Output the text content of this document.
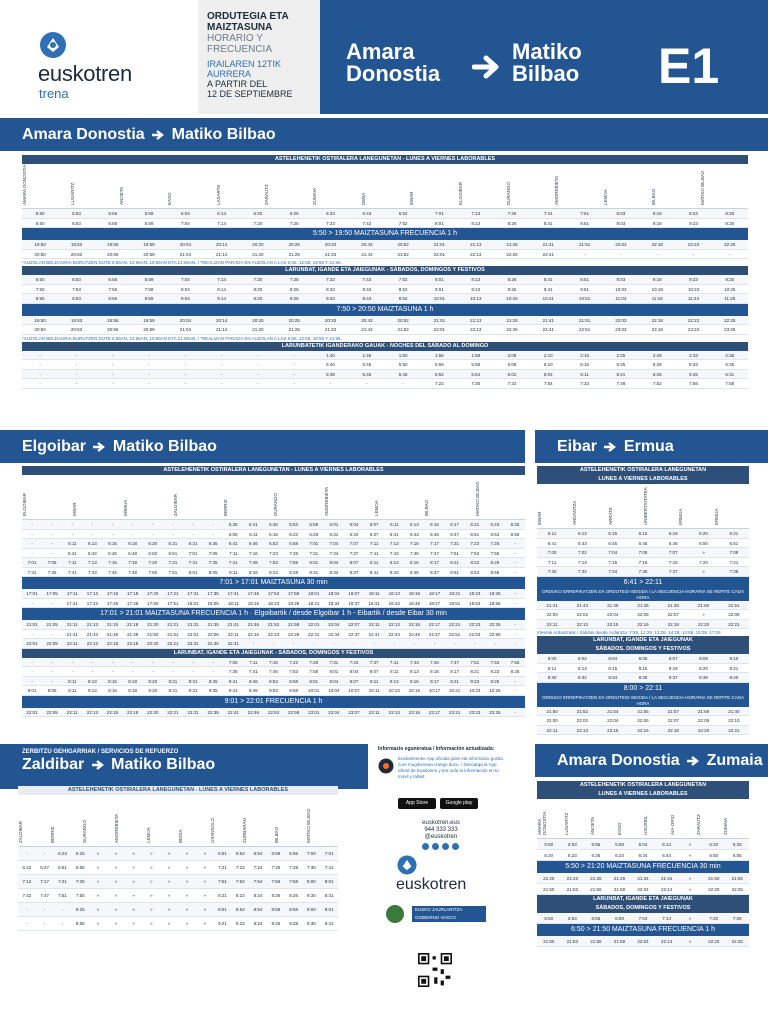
euskotren
trena
ORDUTEGIA ETA
MAIZTASUNA
HORARIO Y
FRECUENCIA
IRAILAREN 12TIK
AURRERA
A PARTIR DEL
12 DE SEPTIEMBRE
Amara
Donostia
Matiko
Bilbao E1
Amara Donostia Matiko Bilbao
ASTELEHENETIK OSTIRALERA LANEGUNETAN - LUNES A VIERNES LABORABLES
AMARA DONOSTIA	LUGARITZ	ANOETA	EASO	LASARTE	ZARAUTZ	ZUMAIA	DEBA	EIBAR	ELGOIBAR	DURANGO	AMOREBIETA	LEMOA	BILBAO	MATIKO BILBAO
5:50	5:53	5:56	5:59	6:04	6:14	6:20	6:25	6:33	6:43	6:52	7:01	7:13	7:26	7:41	7:51	8:03	8:18	8:23	8:25
6:50	6:53	6:56	6:59	7:04	7:14	7:20	7:25	7:33	7:43	7:52	8:01	8:13	8:26	8:41	8:51	9:03	9:18	9:23	9:25
5:50 > 19:50 MAIZTASUNA FRECUENCIA 1 h
19:50	19:53	19:56	19:59	20:04	20:14	20:20	20:25	20:33	20:43	20:52	21:01	21:13	21:26	21:41	21:51	22:03	22:18	22:23	22:25
20:50	20:53	20:56	20:59	21:04	21:14	21:20	21:25	21:33	21:43	21:52	22:01	22:13	22:26	22:41	-	-	-	-	-
*AUZOLAN BELDAURIA BURUTZEN DUTE 6:56AN, 12:56AN, 19:56AN ETA 21:56AN. / *REALIZAN PARADA EN AUZOLAN A LAS 6:56, 12:56, 19:56 Y 21:56.
LARUNBAT, IGANDE ETA JAIEGUNAK - SÁBADOS, DOMINGOS Y FESTIVOS
6:50	6:53	6:56	6:59	7:04	7:14	7:20	7:25	7:33	7:43	7:52	8:01	8:13	8:26	8:41	8:51	9:03	9:18	9:23	9:25
7:50	7:53	7:56	7:59	8:04	8:14	8:20	8:25	8:33	8:43	8:52	9:01	9:13	9:26	9:41	9:51	10:03	10:18	10:23	10:25
8:50	8:53	8:56	8:59	9:04	9:14	9:20	9:25	9:33	9:43	9:52	10:01	10:13	10:26	10:41	10:51	11:03	11:18	11:23	11:25
7:50 > 20:50 MAIZTASUNA 1 h
19:50	19:53	19:56	19:59	20:04	20:14	20:20	20:25	20:33	20:43	20:52	21:01	21:13	21:26	21:41	21:51	22:03	22:18	22:23	22:25
20:50	20:53	20:56	20:59	21:04	21:14	21:20	21:25	21:33	21:43	21:52	22:01	22:13	22:26	22:41	22:51	23:03	23:18	23:23	23:25
*AUZOLAN BELDAURIA BURUTZEN DUTE 6:56AN, 12:56AN, 19:56AN ETA 21:56AN. / *REALIZAN PARADA EN AUZOLAN A LAS 6:56, 12:56, 19:56 Y 21:56.
LARUNBATETIK IGANDERAKO GAUAK - NOCHES DEL SÁBADO AL DOMINGO
-	-	-	-	-	-	-	-	1:40	1:45	1:50	1:56	1:58	2:08	2:10	2:15	2:25	2:29	2:33	2:35
-	-	-	-	-	-	-	-	5:40	5:45	5:50	5:56	5:58	6:08	6:10	6:15	6:25	6:29	6:33	6:35
-	-	-	-	-	-	-	-	5:39	5:45	5:45	5:52	5:54	6:02	6:04	6:11	6:21	6:25	6:25	6:31
-	-	-	-	-	-	-	-	-	-	-	7:22	7:30	7:32	7:54	7:33	7:48	7:52	7:56	7:58
Elgoibar Matiko Bilbao
ASTELEHENETIK OSTIRALERA LANEGUNETAN - LUNES A VIERNES LABORABLES
ELGOIBAR	EIBAR	ERMUA	ZALDIBAR	BERRIZ	DURANGO	AMOREBIETA	LEMOA	BILBAO	MATIKO BILBAO
-	-	-	-	-	-	-	-	-	-	5:35	5:41	5:46	5:53	5:58	6:01	6:04	6:07	6:11	6:13	6:16	6:17	6:21	6:23	6:25
-	-	-	-	-	-	-	-	-	-	6:05	6:11	6:16	6:23	6:28	6:31	6:34	6:37	6:41	6:43	6:46	6:47	6:51	6:53	6:55
-	-	6:11	6:13	6:15	6:18	6:20	6:21	6:31	6:35	6:41	6:46	6:53	6:58	7:01	7:04	7:07	7:11	7:13	7:16	7:17	7:21	7:23	7:25	-
-	-	6:41	6:43	6:45	6:48	6:50	6:51	7:01	7:05	7:11	7:16	7:23	7:28	7:31	7:34	7:37	7:41	7:43	7:46	7:47	7:51	7:53	7:55	-
7:01	7:05	7:11	7:13	7:15	7:18	7:20	7:21	7:31	7:35	7:41	7:46	7:53	7:58	8:01	8:04	8:07	8:11	8:13	8:16	8:17	8:21	8:23	8:25	-
7:31	7:35	7:41	7:43	7:45	7:48	7:50	7:51	8:01	8:05	8:11	8:16	8:23	8:28	8:31	8:34	8:37	8:41	8:43	8:46	8:47	8:51	8:53	8:55	-
7:01 > 17:01 MAIZTASUNA 30 min
17:01	17:05	17:11	17:13	17:15	17:18	17:20	17:21	17:31	17:35	17:41	17:46	17:53	17:58	18:01	18:04	18:07	18:11	18:13	18:16	18:17	18:21	18:23	18:25	-
-	-	17:41	17:43	17:45	17:48	17:50	17:51	18:01	18:05	18:11	18:16	18:23	18:28	18:31	18:34	18:37	18:41	18:43	18:46	18:47	18:51	18:53	18:55	-
17:01 > 21:01 MAIZTASUNA FRECUENCIA 1 h · Elgoibartik / desde Elgoibar 1 h - Eibartik / desde Eibar 30 min
21:01	21:05	21:11	21:13	21:15	21:18	21:20	21:21	21:31	21:35	21:41	21:46	21:53	21:58	22:01	22:04	22:07	22:11	22:13	22:16	22:17	22:21	22:23	22:25	-
-	-	21:41	21:43	21:45	21:48	21:50	21:51	22:01	22:05	22:11	22:16	22:23	22:28	22:31	22:34	22:37	22:41	22:43	22:46	22:47	22:51	22:53	22:55	-
22:01	22:05	22:11	22:13	22:15	22:18	22:20	22:21	22:31	22:35	22:41	-	-	-	-	-	-	-	-	-	-	-	-	-	-
LARUNBAT, IGANDE ETA JAIEGUNAK - SÁBADOS, DOMINGOS Y FESTIVOS
-	-	-	-	-	-	-	-	-	-	7:05	7:11	7:16	7:23	7:28	7:31	7:34	7:37	7:41	7:43	7:46	7:47	7:51	7:53	7:55
-	-	-	-	-	-	-	-	-	-	7:35	7:41	7:46	7:53	7:58	8:01	8:04	8:07	8:11	8:13	8:16	8:17	8:21	8:23	8:25
-	-	8:11	8:13	8:15	8:18	8:20	8:21	8:31	8:35	8:41	8:46	8:53	8:58	9:01	9:04	9:07	9:11	9:13	9:16	9:17	9:21	9:23	9:25	-
9:01	9:05	9:11	9:13	9:15	9:18	9:20	9:21	9:31	9:35	9:41	9:46	9:53	9:58	10:01	10:04	10:07	10:11	10:13	10:16	10:17	10:21	10:23	10:25	-
9:01 > 22:01 FRECUENCIA 1 h
22:01	22:05	22:11	22:13	22:15	22:18	22:20	22:21	22:31	22:35	22:41	22:46	22:53	22:58	23:01	23:04	23:07	23:11	23:13	23:16	23:17	23:21	23:23	23:25	-
Eibar Ermua
ASTELEHENETIK OSTIRALERA LANEGUNETAN
LUNES A VIERNES LABORABLES
EIBAR	ARDANTZA	ARRATE	UNIBERTSITATEA	ERMUA	ERMUA
6:11	6:13	6:15	6:16	6:18	6:20	6:21
6:41	6:43	6:45	6:46	6:48	6:50	6:51
7:00	7:02	7:04	7:05	7:07	»	7:09
7:11	7:13	7:15	7:16	7:18	7:20	7:21
7:30	7:32	7:34	7:35	7:37	»	7:39
6:41 > 22:11
ORDUKO ERREPIKATZEN DA ORDUTEGI-SEGIDA / LA SECUENCIA HORARIA SE REPITE CADA HORA
21:41	21:43	21:45	21:46	21:48	21:50	21:51
22:00	22:02	22:04	22:05	22:07	»	22:09
22:11	22:13	22:15	22:16	22:18	22:20	22:21
Irteerak Ardantzatik / Salidas desde Ardantza: 7:58, 12:28, 13:28, 14:28, 14:58, 15:28, 17:28
LARUNBAT, IGANDE ETA JAIEGUNAK
SÁBADOS, DOMINGOS Y FESTIVOS
8:00	8:02	8:04	8:05	8:07	8:09	8:10
8:11	8:13	8:15	8:16	8:18	8:20	8:21
8:30	8:32	8:34	8:35	8:37	8:39	8:40
8:00 > 22:11
ORDUKO ERREPIKATZEN DA ORDUTEGI-SEGIDA / LA SECUENCIA HORARIA SE REPITE CADA HORA
21:50	21:52	21:54	21:55	21:57	21:59	21:40
22:00	22:02	22:04	22:05	22:07	22:05	22:10
22:11	22:13	22:15	22:16	22:18	22:20	22:21
ZERBITZU GEHIGARRIAK / SERVICIOS DE REFUERZO
Zaldibar Matiko Bilbao
ASTELEHENETIK OSTIRALERA LANEGUNETAN - LUNES A VIERNES LABORABLES
ZALDIBAR	BERRIZ	DURANGO	AMOREBIETA	LEMOA	BEDIA	USANSOLO	ZURBARAN	BILBAO	MATIKO BILBAO
-	-	6:23	6:25	»	»	»	»	»	»	»	6:51	6:53	6:54	6:56	6:56	7:00	7:01
6:42	6:47	6:51	6:55	»	»	»	»	»	»	»	7:21	7:23	7:24	7:26	7:28	7:30	7:31
7:12	7:17	7:21	7:25	»	»	»	»	»	»	»	7:51	7:53	7:54	7:56	7:58	8:00	8:01
7:42	7:47	7:51	7:55	»	»	»	»	»	»	»	8:21	8:23	8:24	8:26	8:26	8:30	8:31
-	-	-	8:25	»	»	»	»	»	»	»	8:51	8:53	8:54	8:56	8:58	9:00	9:01
-	-	-	8:55	»	»	»	»	»	»	»	9:21	9:23	9:24	9:26	9:28	9:30	9:31
Informazio eguneratua / Información actualizada:
Euskotreneko App ofiziala jaitsi eta informazio guztia zure mugikorrean izango duzu. / Descarga la App oficial de Euskotren y ten toda la información en tu móvil y tablet.
App Store	Google play
euskotren.eus
944 333 333
@euskotren
euskotren
EUSKO JAURLARITZA
GOBIERNO VASCO
Amara Donostia Zumaia
ASTELEHENETIK OSTIRALERA LANEGUNETAN
LUNES A VIERNES LABORABLES
AMARA DONOSTIA	LUGARITZ	ANOETA	EASO	USURBIL	AIA-ORIO	ZARAUTZ	ZUMAIA
5:50	5:53	5:56	5:59	6:04	6:14	»	6:20	6:25
6:20	6:23	6:26	6:23	6:34	6:44	»	6:50	6:55
5:50 > 21:20 MAIZTASUNA FRECUENCIA 30 min
21:20	21:23	21:26	21:29	21:34	21:44	»	21:50	21:55
21:50	21:53	21:56	21:59	22:04	22:14	»	22:20	22:25
LARUNBAT, IGANDE ETA JAIEGUNAK
SÁBADOS, DOMINGOS Y FESTIVOS
6:50	6:53	6:56	6:59	7:04	7:14	»	7:20	7:25
6:50 > 21:50 MAIZTASUNA FRECUENCIA 1 h
21:50	21:53	21:56	21:59	22:04	22:14	»	22:20	22:25
